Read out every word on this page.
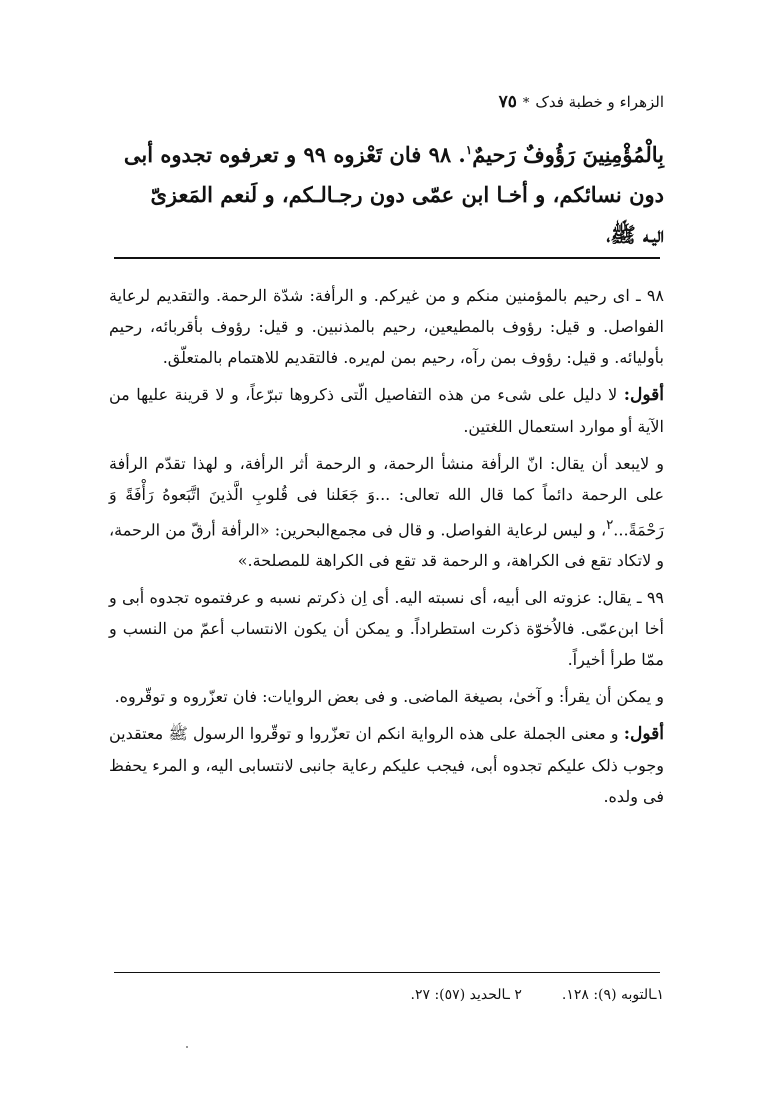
الزهراء و خطبة فدک
*
٧٥

بِالْمُؤْمِنِينَ رَؤُوفٌ رَحيمٌ$^١$. ٩٨ فان تَعْزوه ٩٩ و تعرفوه تجدوه أبی
دون نسائکم، و أخـا ابن عمّی دون رجـالـکم، و لَنعم المَعزیّ
الیـه ﷺ،

٩٨ ـ ای رحیم بالمؤمنین منکم و من غیرکم. و الرأفة: شدّة الرحمة. والتقدیم لرعایة الفواصل. و قیل: رؤوف بالمطیعین، رحیم بالمذنبین. و قیل: رؤوف بأقربائه، رحیم بأولیائه. و قیل: رؤوف بمن رآه، رحیم بمن لم‌یره. فالتقدیم للاهتمام بالمتعلّق.

أقول: لا دلیل علی شیء من هذه التفاصیل الّتی ذکروها تبرّعاً، و لا قرینة علیها من الآیة أو موارد استعمال اللغتین.

و لایبعد أن یقال: انّ الرأفة منشأ الرحمة، و الرحمة أثر الرأفة، و لهذا تقدّم الرأفة علی الرحمة دائماً کما قال الله تعالی: ...وَ جَعَلنا فی قُلوبِ الَّذینَ اتَّبَعوهُ رَأْفَةً وَ رَحْمَةً...$^٢$، و لیس لرعایة الفواصل. و قال فی مجمع‌البحرین: «الرأفة أرقّ من الرحمة، و لاتکاد تقع فی الکراهة، و الرحمة قد تقع فی الکراهة للمصلحة.»

٩٩ ـ یقال: عزوته الی أبیه، أی نسبته الیه. أی اِن ذکرتم نسبه و عرفتموه تجدوه أبی و أخا ابن‌عمّی. فالاُخوّة ذکرت استطراداً. و یمکن أن یکون الانتساب أعمّ من النسب و ممّا طرأ أخیراً.

و یمکن أن یقرأ: و آخیٰ، بصیغة الماضی. و فی بعض الروایات: فان تعزّروه و توقّروه.

أقول: و معنی الجملة علی هذه الروایة انکم ان تعزّروا و توقّروا الرسول ﷺ معتقدین وجوب ذلک علیکم تجدوه أبی، فیجب علیکم رعایة جانبی لانتسابی الیه، و المرء یحفظ فی ولده.

١ـالتوبه (٩): ١٢٨.
٢ ـالحدید (٥٧): ٢٧.
